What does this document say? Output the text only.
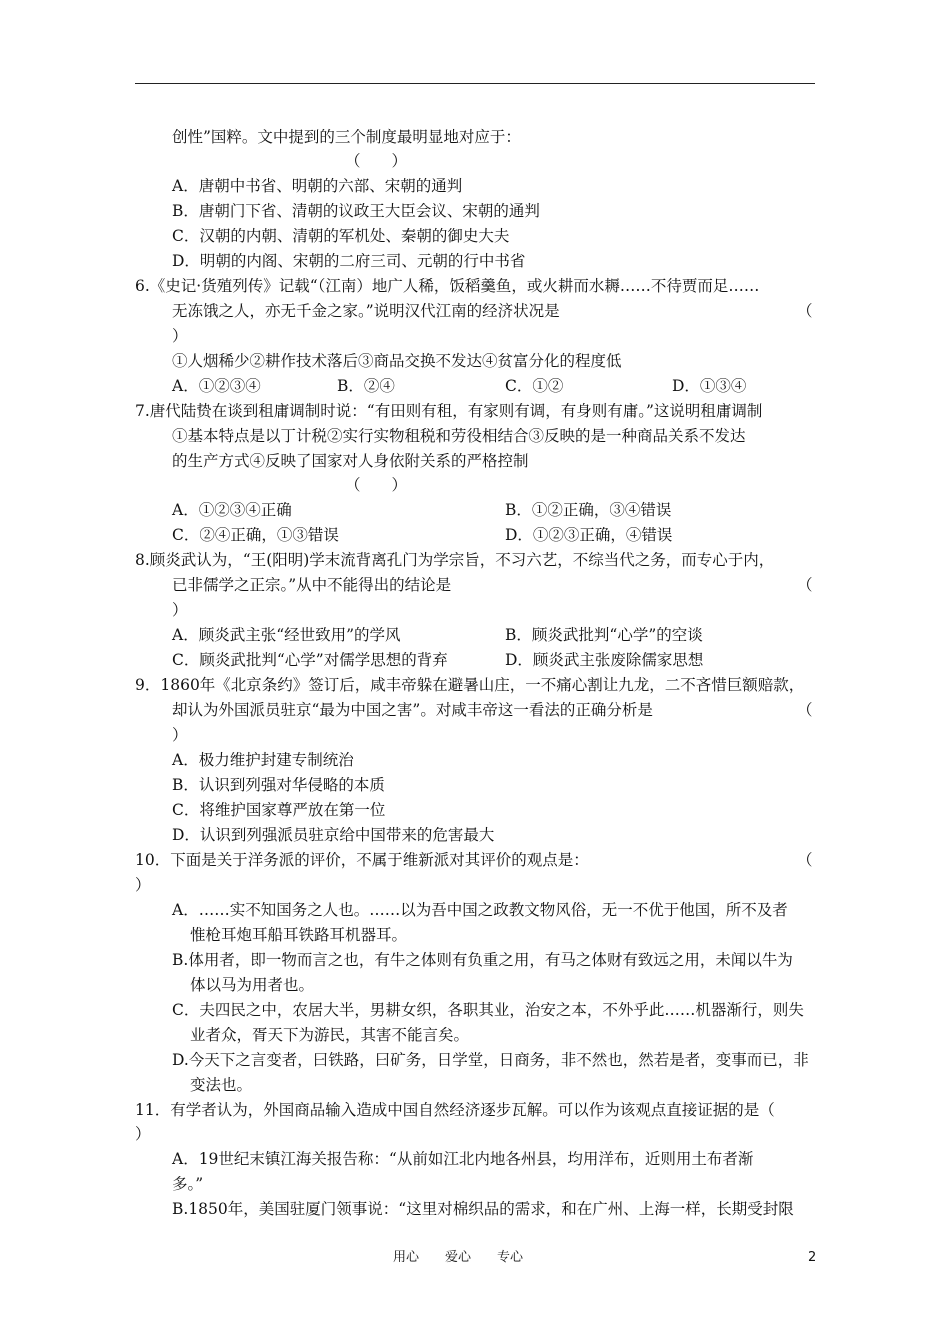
创性”国粹。文中提到的三个制度最明显地对应于：
（　　）
A．唐朝中书省、明朝的六部、宋朝的通判
B．唐朝门下省、清朝的议政王大臣会议、宋朝的通判
C．汉朝的内朝、清朝的军机处、秦朝的御史大夫
D．明朝的内阁、宋朝的二府三司、元朝的行中书省
6.《史记·货殖列传》记载“（江南）地广人稀，饭稻羹鱼，或火耕而水耨……不待贾而足……
无冻饿之人，亦无千金之家。”说明汉代江南的经济状况是	（
）
①人烟稀少②耕作技术落后③商品交换不发达④贫富分化的程度低
A．①②③④	B．②④	C．①②	D．①③④
7.唐代陆贽在谈到租庸调制时说：“有田则有租，有家则有调，有身则有庸。”这说明租庸调制
①基本特点是以丁计税②实行实物租税和劳役相结合③反映的是一种商品关系不发达
的生产方式④反映了国家对人身依附关系的严格控制
（　　）
A．①②③④正确	B．①②正确，③④错误
C．②④正确，①③错误	D．①②③正确，④错误
8.顾炎武认为，“王(阳明)学末流背离孔门为学宗旨，不习六艺，不综当代之务，而专心于内，
已非儒学之正宗。”从中不能得出的结论是	（
）
A．顾炎武主张“经世致用”的学风	B．顾炎武批判“心学”的空谈
C．顾炎武批判“心学”对儒学思想的背弃	D．顾炎武主张废除儒家思想
9．1860年《北京条约》签订后，咸丰帝躲在避暑山庄，一不痛心割让九龙，二不吝惜巨额赔款，
却认为外国派员驻京“最为中国之害”。对咸丰帝这一看法的正确分析是	（
）
A．极力维护封建专制统治
B．认识到列强对华侵略的本质
C．将维护国家尊严放在第一位
D．认识到列强派员驻京给中国带来的危害最大
10．下面是关于洋务派的评价，不属于维新派对其评价的观点是：	（
）
A．……实不知国务之人也。……以为吾中国之政教文物风俗，无一不优于他国，所不及者
惟枪耳炮耳船耳铁路耳机器耳。
B.体用者，即一物而言之也，有牛之体则有负重之用，有马之体财有致远之用，未闻以牛为
体以马为用者也。
C．夫四民之中，农居大半，男耕女织，各职其业，治安之本，不外乎此……机器渐行，则失
业者众，胥天下为游民，其害不能言矣。
D.今天下之言变者，曰铁路，曰矿务，日学堂，日商务，非不然也，然若是者，变事而已，非
变法也。
11．有学者认为，外国商品输入造成中国自然经济逐步瓦解。可以作为该观点直接证据的是（
）
A．19世纪末镇江海关报告称：“从前如江北内地各州县，均用洋布，近则用土布者渐
多。”
B.1850年，美国驻厦门领事说：“这里对棉织品的需求，和在广州、上海一样，长期受封限
用心　　爱心　　专心	2
